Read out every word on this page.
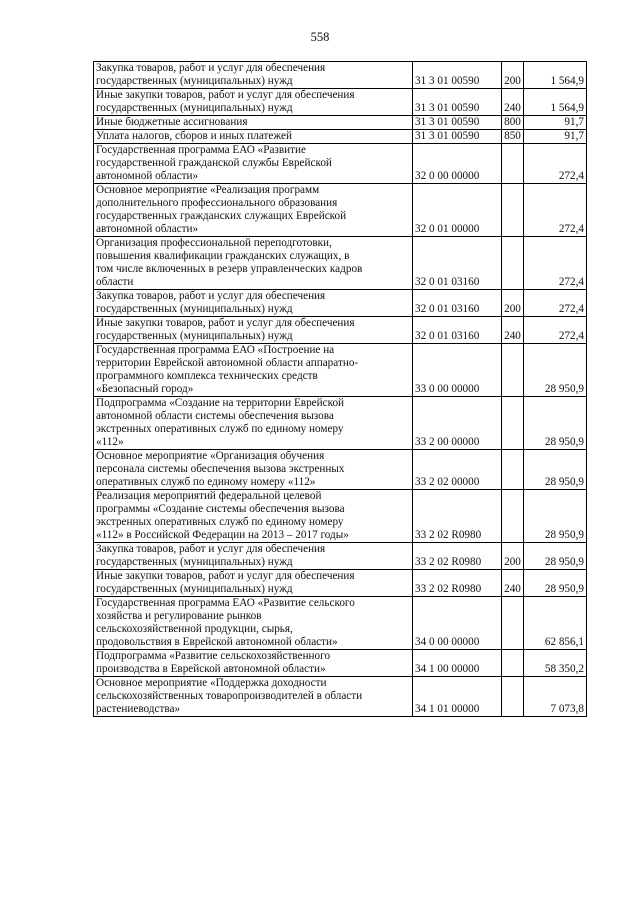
558
Закупка товаров, работ и услуг для обеспечения
государственных (муниципальных) нужд	31 3 01 00590	200	1 564,9

Иные закупки товаров, работ и услуг для обеспечения
государственных (муниципальных) нужд	31 3 01 00590	240	1 564,9

Иные бюджетные ассигнования	31 3 01 00590	800	91,7

Уплата налогов, сборов и иных платежей	31 3 01 00590	850	91,7

Государственная программа ЕАО «Развитие
государственной гражданской службы Еврейской
автономной области»	32 0 00 00000		272,4

Основное мероприятие «Реализация программ
дополнительного профессионального образования
государственных гражданских служащих Еврейской
автономной области»	32 0 01 00000		272,4

Организация профессиональной переподготовки,
повышения квалификации гражданских служащих, в
том числе включенных в резерв управленческих кадров
области	32 0 01 03160		272,4

Закупка товаров, работ и услуг для обеспечения
государственных (муниципальных) нужд	32 0 01 03160	200	272,4

Иные закупки товаров, работ и услуг для обеспечения
государственных (муниципальных) нужд	32 0 01 03160	240	272,4

Государственная программа ЕАО «Построение на
территории Еврейской автономной области аппаратно-
программного комплекса технических средств
«Безопасный город»	33 0 00 00000		28 950,9

Подпрограмма «Создание на территории Еврейской
автономной области системы обеспечения вызова
экстренных оперативных служб по единому номеру
«112»	33 2 00 00000		28 950,9

Основное мероприятие «Организация обучения
персонала системы обеспечения вызова экстренных
оперативных служб по единому номеру «112»	33 2 02 00000		28 950,9

Реализация мероприятий федеральной целевой
программы «Создание системы обеспечения вызова
экстренных оперативных служб по единому номеру
«112» в Российской Федерации на 2013 – 2017 годы»	33 2 02 R0980		28 950,9

Закупка товаров, работ и услуг для обеспечения
государственных (муниципальных) нужд	33 2 02 R0980	200	28 950,9

Иные закупки товаров, работ и услуг для обеспечения
государственных (муниципальных) нужд	33 2 02 R0980	240	28 950,9

Государственная программа ЕАО «Развитие сельского
хозяйства и регулирование рынков
сельскохозяйственной продукции, сырья,
продовольствия в Еврейской автономной области»	34 0 00 00000		62 856,1

Подпрограмма «Развитие сельскохозяйственного
производства в Еврейской автономной области»	34 1 00 00000		58 350,2

Основное мероприятие «Поддержка доходности
сельскохозяйственных товаропроизводителей в области
растениеводства»	34 1 01 00000		7 073,8
